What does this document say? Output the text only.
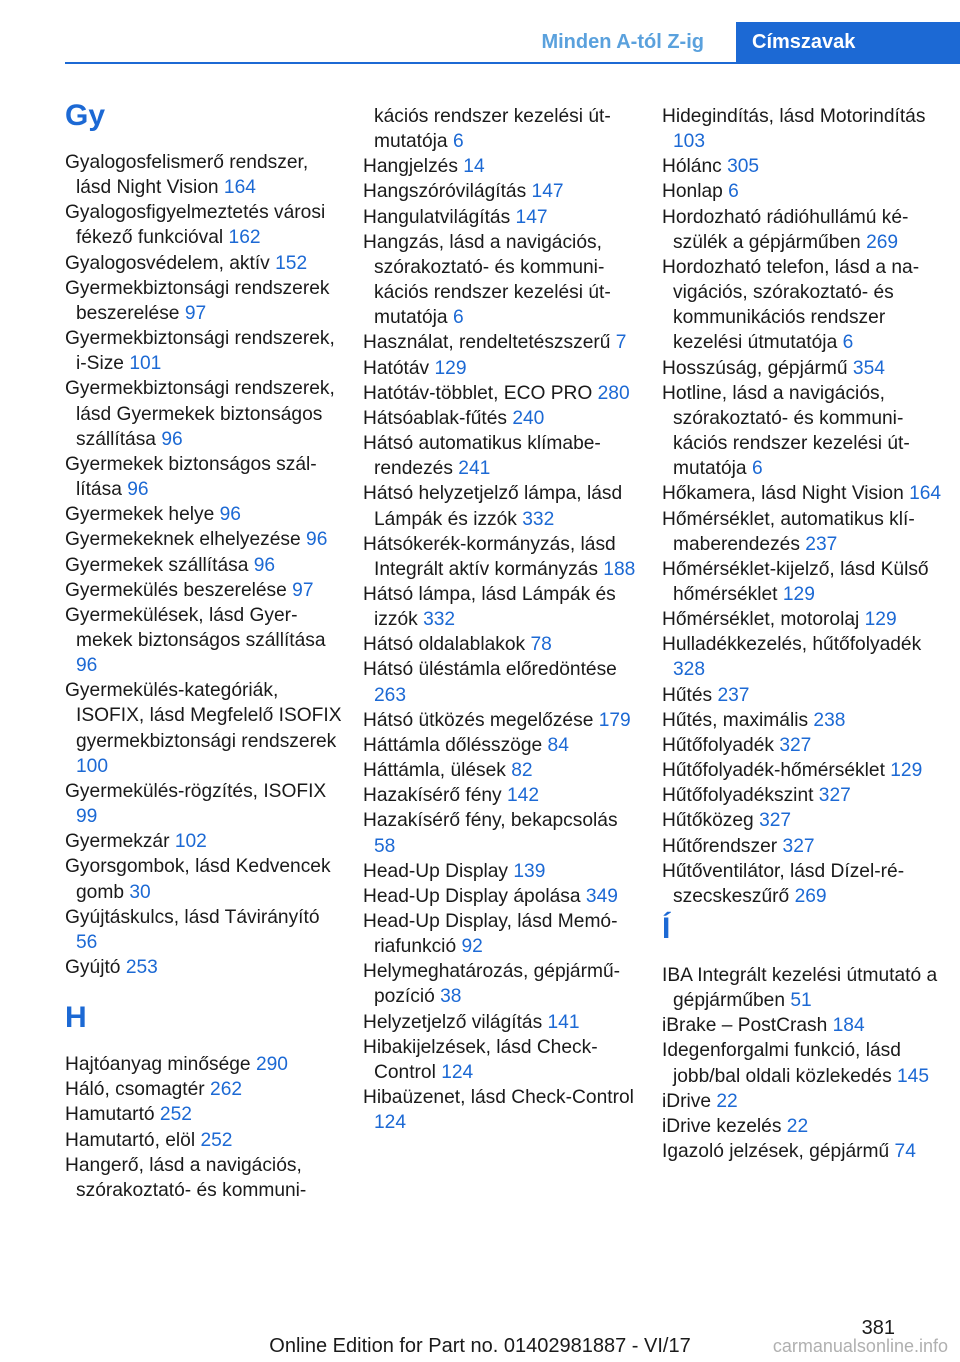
Minden A-tól Z-ig	Címszavak
Gy
Gyalogosfelismerő rendszer, lásd Night Vision 164
Gyalogosfigyelmeztetés városi fékező funkcióval 162
Gyalogosvédelem, aktív 152
Gyermekbiztonsági rendszerek beszerelése 97
Gyermekbiztonsági rendszerek, i-Size 101
Gyermekbiztonsági rendszerek, lásd Gyermekek biztonságos szállítása 96
Gyermekek biztonságos szállítása 96
Gyermekek helye 96
Gyermekeknek elhelyezése 96
Gyermekek szállítása 96
Gyermekülés beszerelése 97
Gyermekülések, lásd Gyermekek biztonságos szállítása 96
Gyermekülés-kategóriák, ISOFIX, lásd Megfelelő ISOFIX gyermekbiztonsági rendszerek 100
Gyermekülés-rögzítés, ISOFIX 99
Gyermekzár 102
Gyorsgombok, lásd Kedvencek gomb 30
Gyújtáskulcs, lásd Távirányító 56
Gyújtó 253
H
Hajtóanyag minősége 290
Háló, csomagtér 262
Hamutartó 252
Hamutartó, elöl 252
Hangerő, lásd a navigációs, szórakoztató- és kommuni-
kációs rendszer kezelési útmutatója 6
Hangjelzés 14
Hangszóróvilágítás 147
Hangulatvilágítás 147
Hangzás, lásd a navigációs, szórakoztató- és kommunikációs rendszer kezelési útmutatója 6
Használat, rendeltetészszerű 7
Hatótáv 129
Hatótáv-többlet, ECO PRO 280
Hátsóablak-fűtés 240
Hátsó automatikus klímaberendezés 241
Hátsó helyzetjelző lámpa, lásd Lámpák és izzók 332
Hátsókerék-kormányzás, lásd Integrált aktív kormányzás 188
Hátsó lámpa, lásd Lámpák és izzók 332
Hátsó oldalablakok 78
Hátsó üléstámla előredöntése 263
Hátsó ütközés megelőzése 179
Háttámla dőlésszöge 84
Háttámla, ülések 82
Hazakísérő fény 142
Hazakísérő fény, bekapcsolás 58
Head-Up Display 139
Head-Up Display ápolása 349
Head-Up Display, lásd Memóriafunkció 92
Helymeghatározás, gépjármű-pozíció 38
Helyzetjelző világítás 141
Hibakijelzések, lásd Check-Control 124
Hibaüzenet, lásd Check-Control 124
Hidegindítás, lásd Motorindítás 103
Hólánc 305
Honlap 6
Hordozható rádióhullámú készülék a gépjárműben 269
Hordozható telefon, lásd a navigációs, szórakoztató- és kommunikációs rendszer kezelési útmutatója 6
Hosszúság, gépjármű 354
Hotline, lásd a navigációs, szórakoztató- és kommunikációs rendszer kezelési útmutatója 6
Hőkamera, lásd Night Vision 164
Hőmérséklet, automatikus klímaberendezés 237
Hőmérséklet-kijelző, lásd Külső hőmérséklet 129
Hőmérséklet, motorolaj 129
Hulladékkezelés, hűtőfolyadék 328
Hűtés 237
Hűtés, maximális 238
Hűtőfolyadék 327
Hűtőfolyadék-hőmérséklet 129
Hűtőfolyadékszint 327
Hűtőközeg 327
Hűtőrendszer 327
Hűtőventilátor, lásd Dízel-részecskeszűrő 269
Í
IBA Integrált kezelési útmutató a gépjárműben 51
iBrake – PostCrash 184
Idegenforgalmi funkció, lásd jobb/bal oldali közlekedés 145
iDrive 22
iDrive kezelés 22
Igazoló jelzések, gépjármű 74
381
Online Edition for Part no. 01402981887 - VI/17	carmanualsonline.info
